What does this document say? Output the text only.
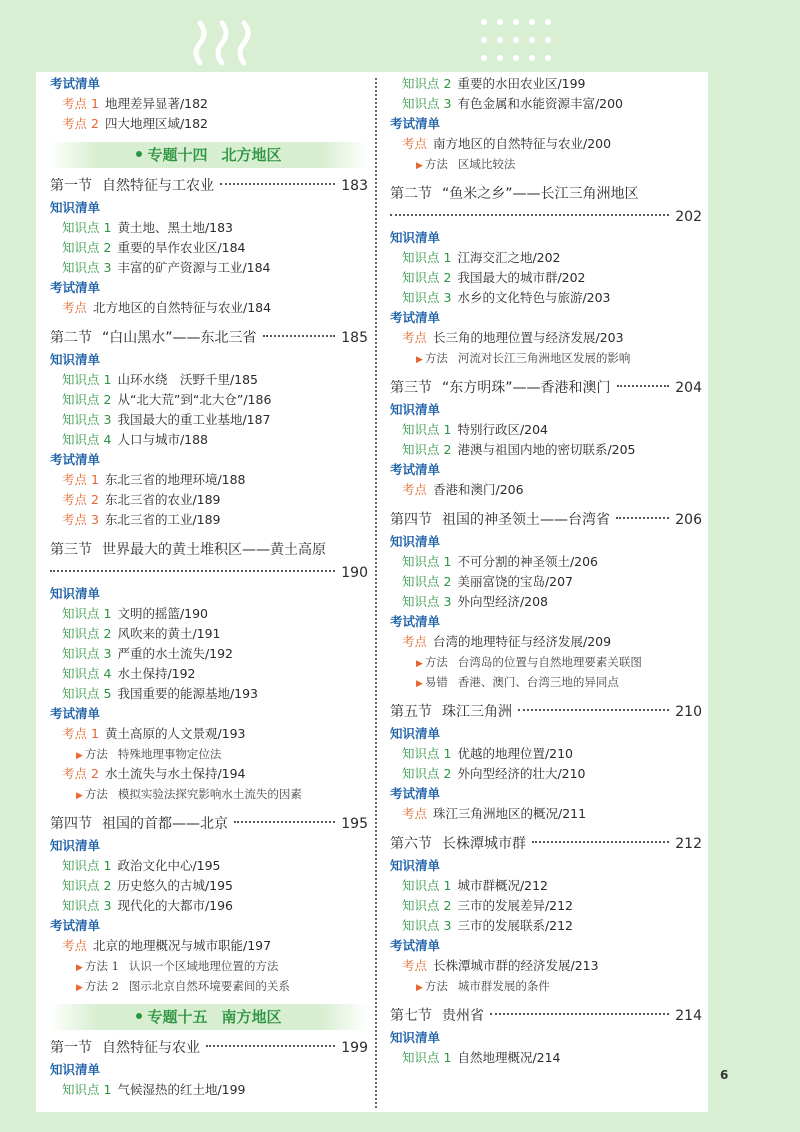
考试清单
考点 1 地理差异显著/182
考点 2 四大地理区域/182
专题十四 北方地区
第一节 自然特征与工农业	183
知识清单
知识点 1 黄土地、黑土地/183
知识点 2 重要的旱作农业区/184
知识点 3 丰富的矿产资源与工业/184
考试清单
考点 北方地区的自然特征与农业/184
第二节 “白山黑水”——东北三省	185
知识清单
知识点 1 山环水绕　沃野千里/185
知识点 2 从“北大荒”到“北大仓”/186
知识点 3 我国最大的重工业基地/187
知识点 4 人口与城市/188
考试清单
考点 1 东北三省的地理环境/188
考点 2 东北三省的农业/189
考点 3 东北三省的工业/189
第三节 世界最大的黄土堆积区——黄土高原
190
知识清单
知识点 1 文明的摇篮/190
知识点 2 风吹来的黄土/191
知识点 3 严重的水土流失/192
知识点 4 水土保持/192
知识点 5 我国重要的能源基地/193
考试清单
考点 1 黄土高原的人文景观/193
▶ 方法 特殊地理事物定位法
考点 2 水土流失与水土保持/194
▶ 方法 模拟实验法探究影响水土流失的因素
第四节 祖国的首都——北京	195
知识清单
知识点 1 政治文化中心/195
知识点 2 历史悠久的古城/195
知识点 3 现代化的大都市/196
考试清单
考点 北京的地理概况与城市职能/197
▶ 方法 1 认识一个区域地理位置的方法
▶ 方法 2 图示北京自然环境要素间的关系
专题十五 南方地区
第一节 自然特征与农业	199
知识清单
知识点 1 气候湿热的红土地/199
知识点 2 重要的水田农业区/199
知识点 3 有色金属和水能资源丰富/200
考试清单
考点 南方地区的自然特征与农业/200
▶ 方法 区域比较法
第二节 “鱼米之乡”——长江三角洲地区
202
知识清单
知识点 1 江海交汇之地/202
知识点 2 我国最大的城市群/202
知识点 3 水乡的文化特色与旅游/203
考试清单
考点 长三角的地理位置与经济发展/203
▶ 方法 河流对长江三角洲地区发展的影响
第三节 “东方明珠”——香港和澳门	204
知识清单
知识点 1 特别行政区/204
知识点 2 港澳与祖国内地的密切联系/205
考试清单
考点 香港和澳门/206
第四节 祖国的神圣领土——台湾省	206
知识清单
知识点 1 不可分割的神圣领土/206
知识点 2 美丽富饶的宝岛/207
知识点 3 外向型经济/208
考试清单
考点 台湾的地理特征与经济发展/209
▶ 方法 台湾岛的位置与自然地理要素关联图
▶ 易错 香港、澳门、台湾三地的异同点
第五节 珠江三角洲	210
知识清单
知识点 1 优越的地理位置/210
知识点 2 外向型经济的壮大/210
考试清单
考点 珠江三角洲地区的概况/211
第六节 长株潭城市群	212
知识清单
知识点 1 城市群概况/212
知识点 2 三市的发展差异/212
知识点 3 三市的发展联系/212
考试清单
考点 长株潭城市群的经济发展/213
▶ 方法 城市群发展的条件
第七节 贵州省	214
知识清单
知识点 1 自然地理概况/214
6
